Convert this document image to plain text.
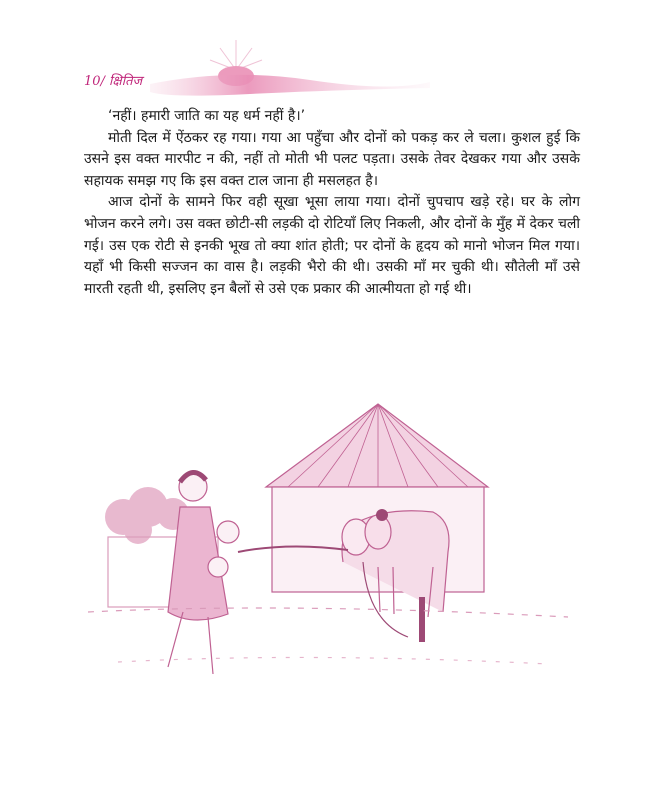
10/ क्षितिज

‘नहीं। हमारी जाति का यह धर्म नहीं है।’

मोती दिल में ऐंठकर रह गया। गया आ पहुँचा और दोनों को पकड़ कर ले चला। कुशल हुई कि उसने इस वक्त मारपीट न की, नहीं तो मोती भी पलट पड़ता। उसके तेवर देखकर गया और उसके सहायक समझ गए कि इस वक्त टाल जाना ही मसलहत है।

आज दोनों के सामने फिर वही सूखा भूसा लाया गया। दोनों चुपचाप खड़े रहे। घर के लोग भोजन करने लगे। उस वक्त छोटी-सी लड़की दो रोटियाँ लिए निकली, और दोनों के मुँह में देकर चली गई। उस एक रोटी से इनकी भूख तो क्या शांत होती; पर दोनों के हृदय को मानो भोजन मिल गया। यहाँ भी किसी सज्जन का वास है। लड़की भैरो की थी। उसकी माँ मर चुकी थी। सौतेली माँ उसे मारती रहती थी, इसलिए इन बैलों से उसे एक प्रकार की आत्मीयता हो गई थी।
